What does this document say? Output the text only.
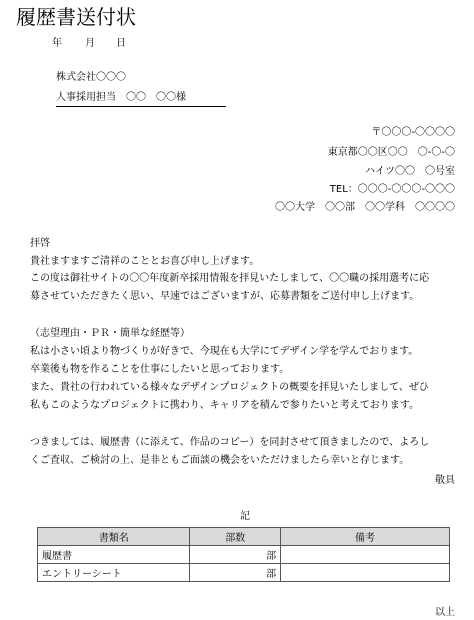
履歴書送付状
年 月 日
株式会社〇〇〇
人事採用担当　〇〇　〇〇様
〒〇〇〇-〇〇〇〇
東京都〇〇区〇〇　〇-〇-〇
ハイツ〇〇　〇号室
TEL：〇〇〇-〇〇〇-〇〇〇
〇〇大学　〇〇部　〇〇学科　〇〇〇〇
拝啓
貴社ますますご清祥のこととお喜び申し上げます。
この度は御社サイトの〇〇年度新卒採用情報を拝見いたしまして、〇〇職の採用選考に応
募させていただきたく思い、早速ではございますが、応募書類をご送付申し上げます。
（志望理由・ＰＲ・簡単な経歴等）
私は小さい頃より物づくりが好きで、今現在も大学にてデザイン学を学んでおります。
卒業後も物を作ることを仕事にしたいと思っております。
また、貴社の行われている様々なデザインプロジェクトの概要を拝見いたしまして、ぜひ
私もこのようなプロジェクトに携わり、キャリアを積んで参りたいと考えております。
つきましては、履歴書（に添えて、作品のコピー）を同封させて頂きましたので、よろし
くご査収、ご検討の上、是非ともご面談の機会をいただけましたら幸いと存じます。
敬具
記
書類名	部数	備考
履歴書	部	
エントリーシート	部	
以上
